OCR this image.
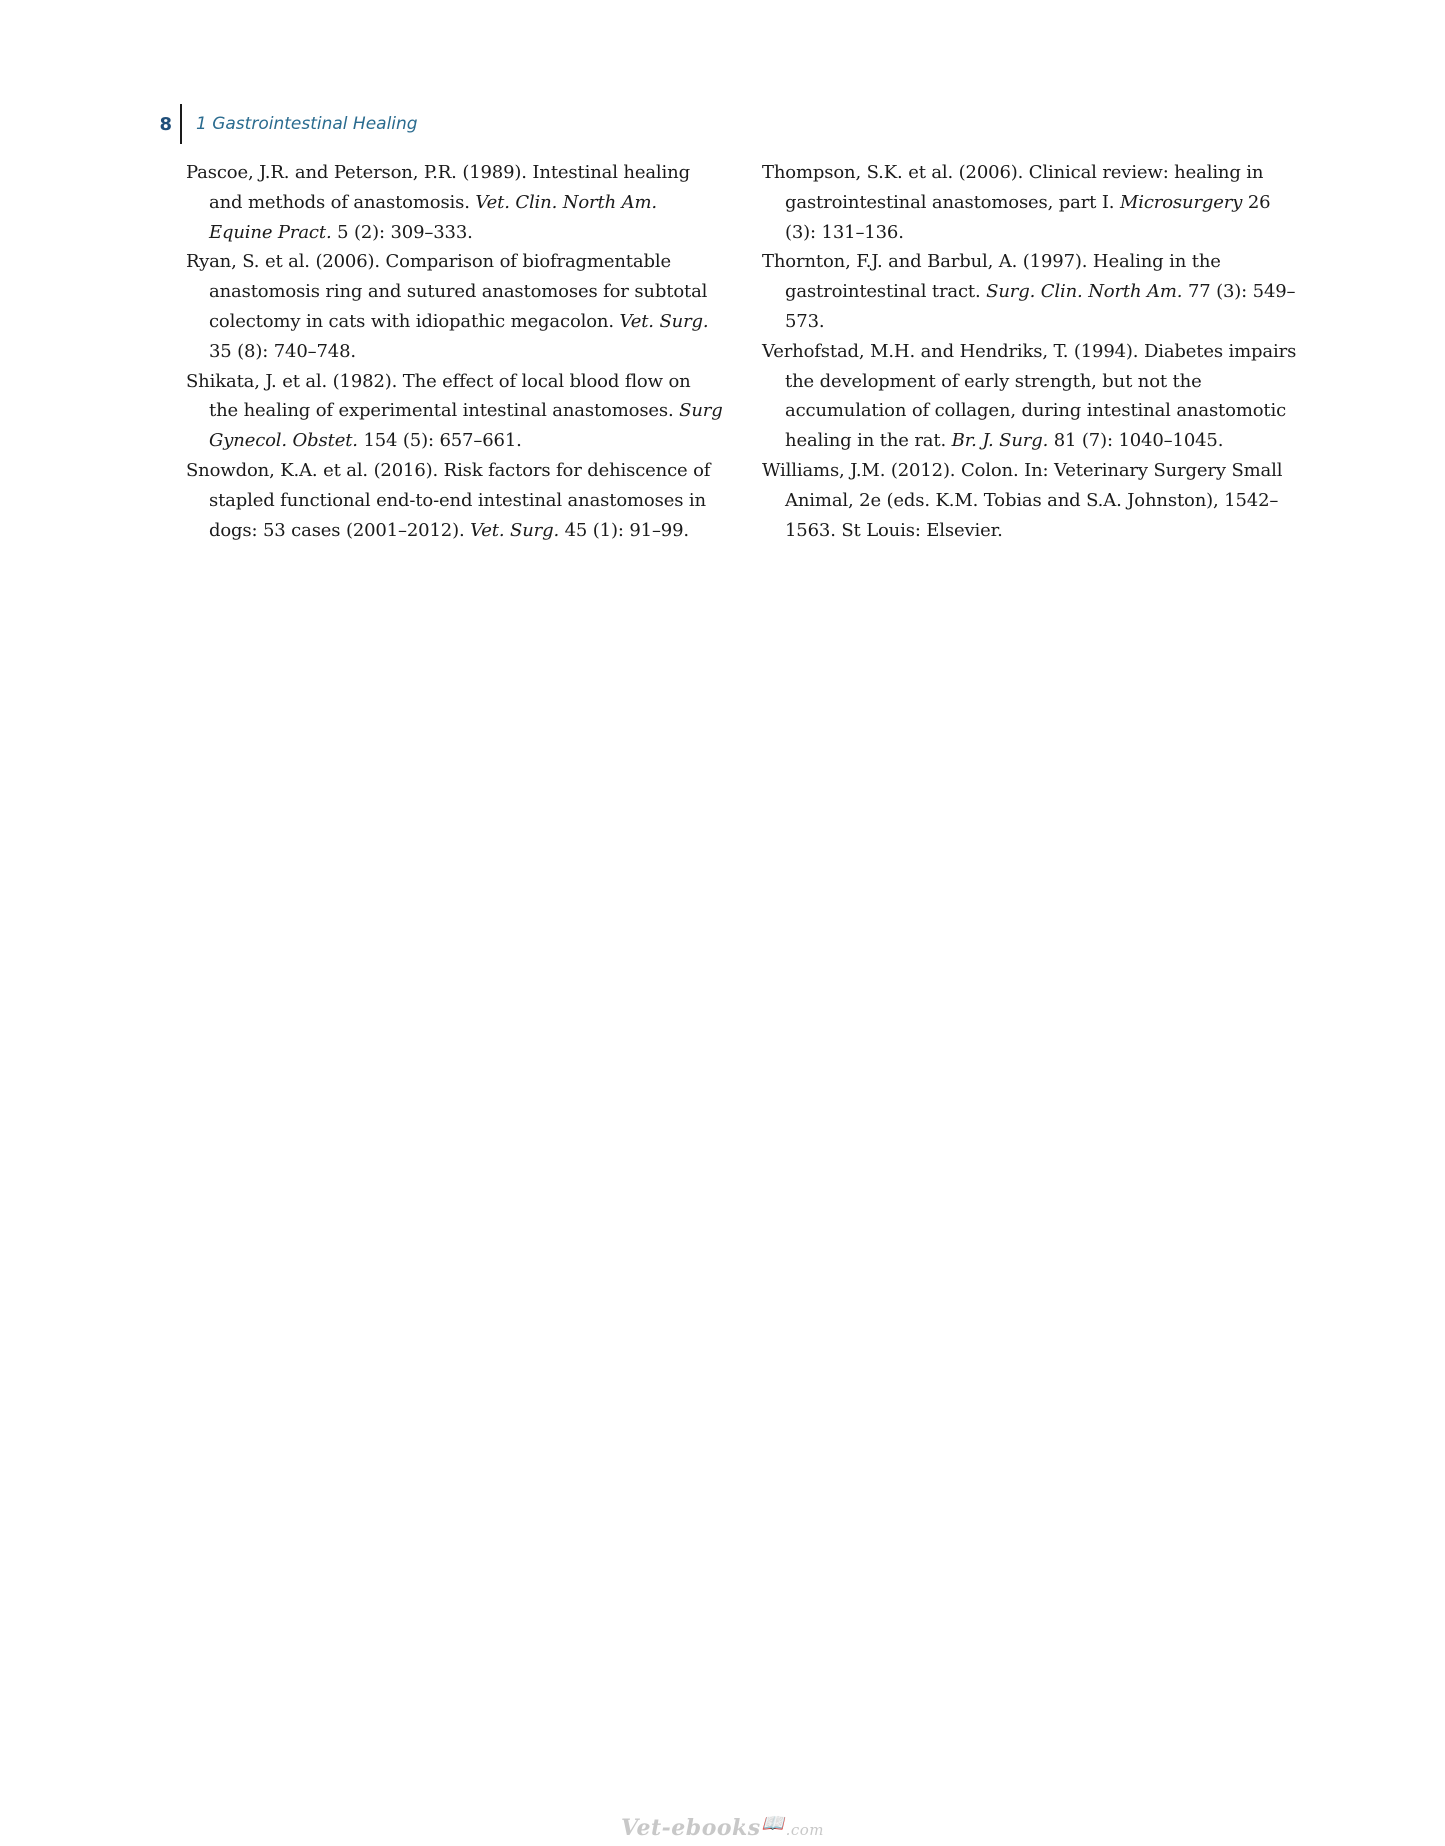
8	1 Gastrointestinal Healing

Pascoe, J.R. and Peterson, P.R. (1989). Intestinal healing and methods of anastomosis. Vet. Clin. North Am. Equine Pract. 5 (2): 309–333.

Ryan, S. et al. (2006). Comparison of biofragmentable anastomosis ring and sutured anastomoses for subtotal colectomy in cats with idiopathic megacolon. Vet. Surg. 35 (8): 740–748.

Shikata, J. et al. (1982). The effect of local blood flow on the healing of experimental intestinal anastomoses. Surg Gynecol. Obstet. 154 (5): 657–661.

Snowdon, K.A. et al. (2016). Risk factors for dehiscence of stapled functional end-to-end intestinal anastomoses in dogs: 53 cases (2001–2012). Vet. Surg. 45 (1): 91–99.

Thompson, S.K. et al. (2006). Clinical review: healing in gastrointestinal anastomoses, part I. Microsurgery 26 (3): 131–136.

Thornton, F.J. and Barbul, A. (1997). Healing in the gastrointestinal tract. Surg. Clin. North Am. 77 (3): 549–573.

Verhofstad, M.H. and Hendriks, T. (1994). Diabetes impairs the development of early strength, but not the accumulation of collagen, during intestinal anastomotic healing in the rat. Br. J. Surg. 81 (7): 1040–1045.

Williams, J.M. (2012). Colon. In: Veterinary Surgery Small Animal, 2e (eds. K.M. Tobias and S.A. Johnston), 1542–1563. St Louis: Elsevier.

Vet-ebooks📖.com
